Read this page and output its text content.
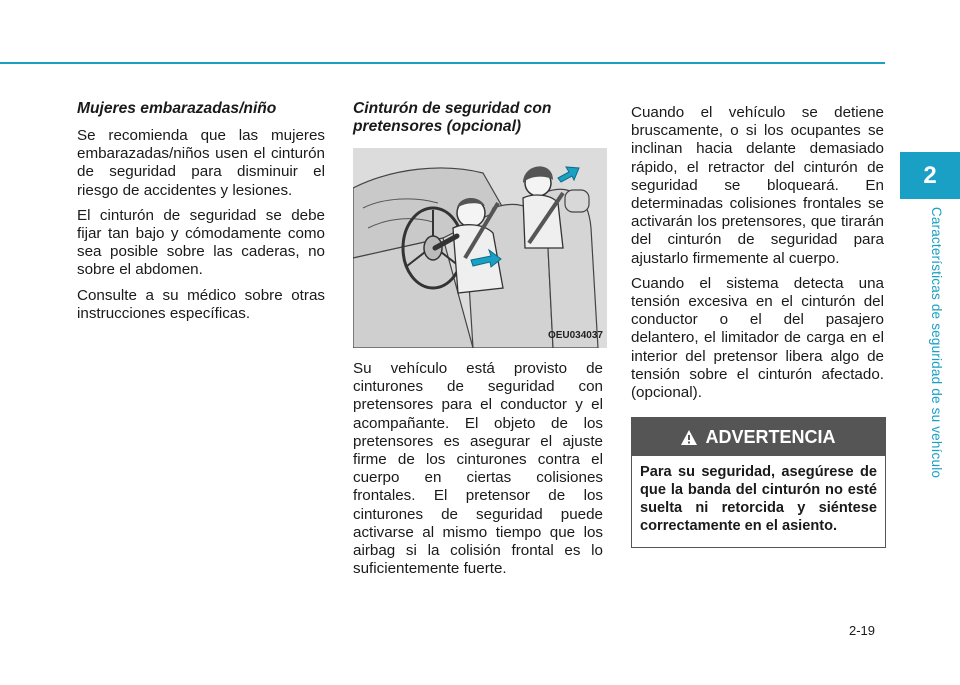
Mujeres embarazadas/niño

Se recomienda que las mujeres embarazadas/niños usen el cinturón de seguridad para disminuir el riesgo de accidentes y lesiones.

El cinturón de seguridad se debe fijar tan bajo y cómodamente como sea posible sobre las caderas, no sobre el abdomen.

Consulte a su médico sobre otras instrucciones específicas.

Cinturón de seguridad con pretensores (opcional)
OEU034037

Su vehículo está provisto de cinturones de seguridad con pretensores para el conductor y el acompañante. El objeto de los pretensores es asegurar el ajuste firme de los cinturones contra el cuerpo en ciertas colisiones frontales. El pretensor de los cinturones de seguridad puede activarse al mismo tiempo que los airbag si la colisión frontal es lo suficientemente fuerte.

Cuando el vehículo se detiene bruscamente, o si los ocupantes se inclinan hacia delante demasiado rápido, el retractor del cinturón de seguridad se bloqueará. En determinadas colisiones frontales se activarán los pretensores, que tirarán del cinturón de seguridad para ajustarlo firmemente al cuerpo.

Cuando el sistema detecta una tensión excesiva en el cinturón del conductor o el del pasajero delantero, el limitador de carga en el interior del pretensor libera algo de tensión sobre el cinturón afectado. (opcional).

ADVERTENCIA
Para su seguridad, asegúrese de que la banda del cinturón no esté suelta ni retorcida y siéntese correctamente en el asiento.
2
Características de seguridad de su vehículo
2-19
